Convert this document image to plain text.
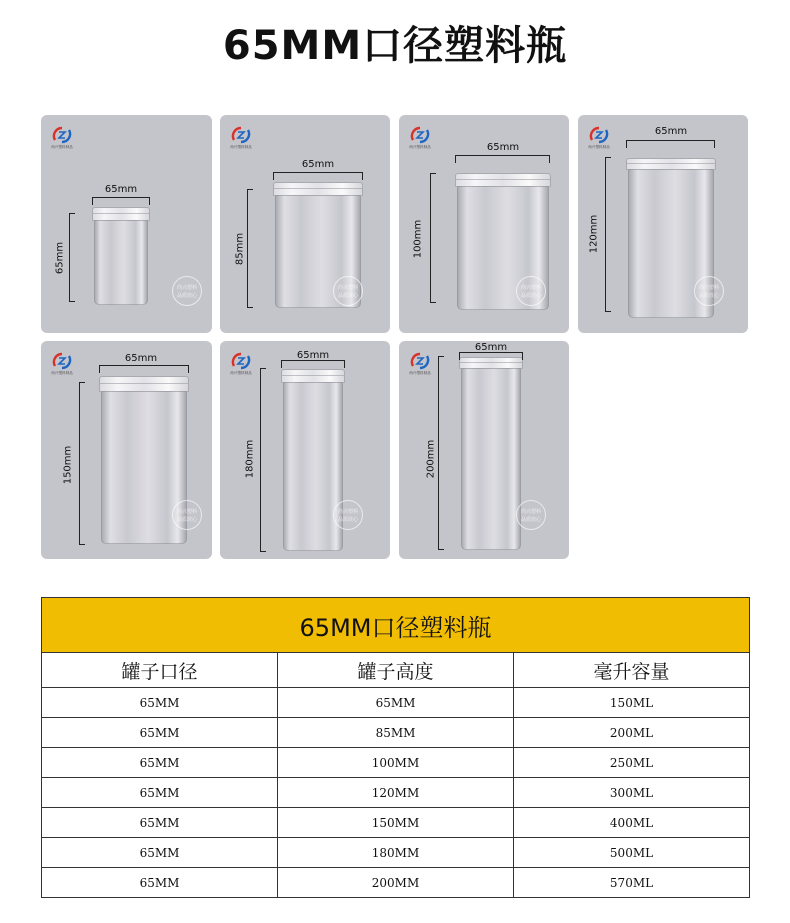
65MM口径塑料瓶
尚兴塑料制品
65mm
65mm
尚兴塑料
品质放心
尚兴塑料制品
65mm
85mm
尚兴塑料
品质放心
尚兴塑料制品	65mm
100mm
尚兴塑料
品质放心
尚兴塑料制品
65mm
120mm
尚兴塑料
品质放心
尚兴塑料制品
65mm
150mm
尚兴塑料
品质放心
尚兴塑料制品
65mm
180mm
尚兴塑料
品质放心
尚兴塑料制品
65mm
200mm
尚兴塑料
品质放心
65MM口径塑料瓶		
罐子口径	罐子高度	毫升容量
65MM	65MM	150ML
65MM	85MM	200ML
65MM	100MM	250ML
65MM	120MM	300ML
65MM	150MM	400ML
65MM	180MM	500ML
65MM	200MM	570ML
